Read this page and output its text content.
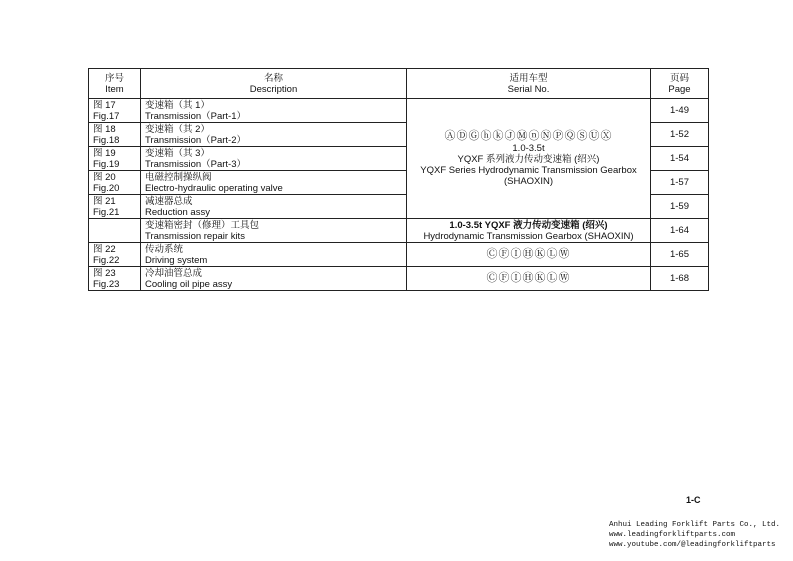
序号
Item	名称
Description	适用车型
Serial No.	页码
Page

图 17
Fig.17	变速箱（其 1）
Transmission（Part-1）	ⒶⒹⒼⓗⓚⒿⓂⓝⓃⓅⓆⓈⓊⓍ
1.0-3.5t
YQXF 系列液力传动变速箱 (绍兴)
YQXF Series Hydrodynamic Transmission Gearbox
(SHAOXIN)	1-49

图 18
Fig.18	变速箱（其 2）
Transmission（Part-2）		1-52

图 19
Fig.19	变速箱（其 3）
Transmission（Part-3）		1-54

图 20
Fig.20	电磁控制操纵阀
Electro-hydraulic operating valve		1-57

图 21
Fig.21	减速器总成
Reduction assy		1-59

	变速箱密封（修理）工具包
Transmission repair kits	1.0-3.5t YQXF 液力传动变速箱 (绍兴)
Hydrodynamic Transmission Gearbox (SHAOXIN)	1-64

图 22
Fig.22	传动系统
Driving system	ⒸⒻⒾⒽⓀⓁⓌ	1-65

图 23
Fig.23	冷却油管总成
Cooling oil pipe assy	ⒸⒻⒾⒽⓀⓁⓌ	1-68
1-C
Anhui Leading Forklift Parts Co., Ltd.
www.leadingforkliftparts.com
www.youtube.com/@leadingforkliftparts
